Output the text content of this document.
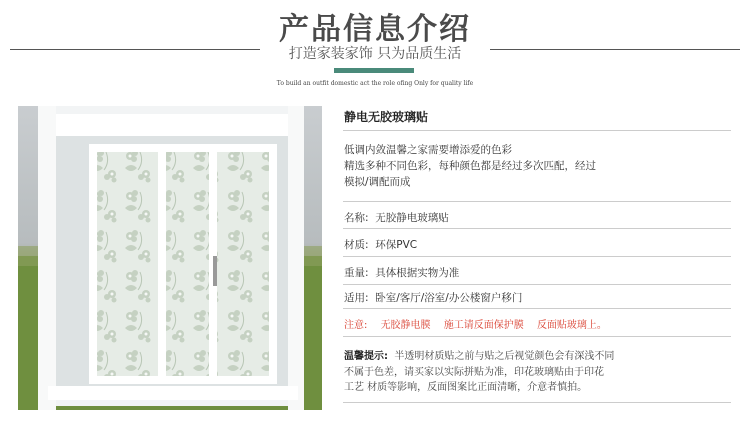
产品信息介绍
打造家装家饰 只为品质生活
To build an outfit domestic act the role ofing Only for quality life
静电无胶玻璃贴
低调内敛温馨之家需要增添爱的色彩
精选多种不同色彩，每种颜色都是经过多次匹配，经过
模拟/调配而成
名称: 无胶静电玻璃贴

材质: 环保PVC

重量: 具体根据实物为准

适用: 卧室/客厅/浴室/办公楼窗户移门
注意: 无胶静电膜 施工请反面保护膜 反面贴玻璃上。
温馨提示: 半透明材质贴之前与贴之后视觉颜色会有深浅不同
不属于色差，请买家以实际拼贴为准，印花玻璃贴由于印花
工艺 材质等影响，反面图案比正面清晰，介意者慎拍。
